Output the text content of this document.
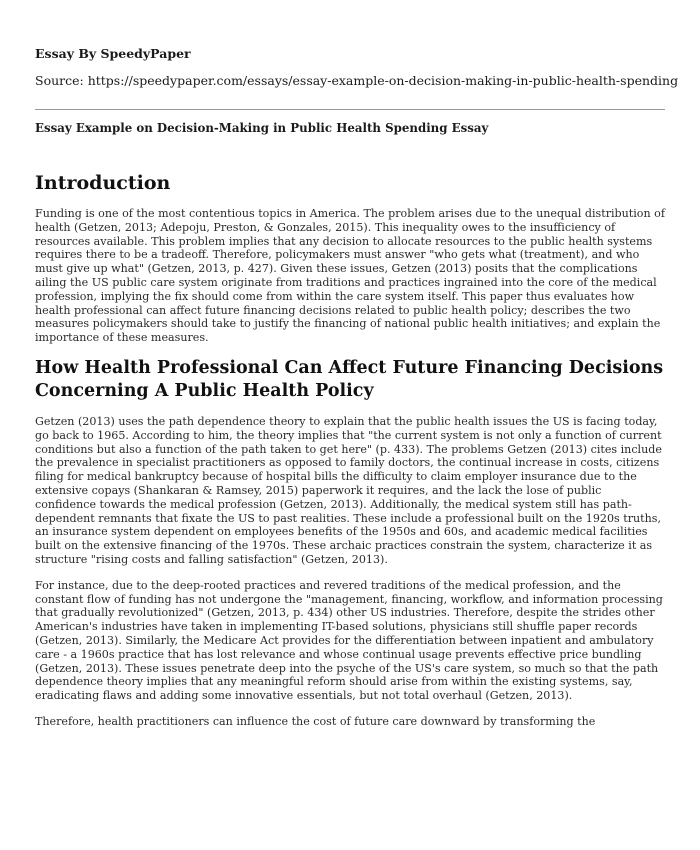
Essay By SpeedyPaper
Source: https://speedypaper.com/essays/essay-example-on-decision-making-in-public-health-spending
Essay Example on Decision-Making in Public Health Spending Essay
Introduction

Funding is one of the most contentious topics in America. The problem arises due to the unequal distribution of health (Getzen, 2013; Adepoju, Preston, & Gonzales, 2015). This inequality owes to the insufficiency of resources available. This problem implies that any decision to allocate resources to the public health systems requires there to be a tradeoff. Therefore, policymakers must answer "who gets what (treatment), and who must give up what" (Getzen, 2013, p. 427). Given these issues, Getzen (2013) posits that the complications ailing the US public care system originate from traditions and practices ingrained into the core of the medical profession, implying the fix should come from within the care system itself. This paper thus evaluates how health professional can affect future financing decisions related to public health policy; describes the two measures policymakers should take to justify the financing of national public health initiatives; and explain the importance of these measures.

How Health Professional Can Affect Future Financing Decisions Concerning A Public Health Policy

Getzen (2013) uses the path dependence theory to explain that the public health issues the US is facing today, go back to 1965. According to him, the theory implies that "the current system is not only a function of current conditions but also a function of the path taken to get here" (p. 433). The problems Getzen (2013) cites include the prevalence in specialist practitioners as opposed to family doctors, the continual increase in costs, citizens filing for medical bankruptcy because of hospital bills the difficulty to claim employer insurance due to the extensive copays (Shankaran & Ramsey, 2015) paperwork it requires, and the lack the lose of public confidence towards the medical profession (Getzen, 2013). Additionally, the medical system still has path-dependent remnants that fixate the US to past realities. These include a professional built on the 1920s truths, an insurance system dependent on employees benefits of the 1950s and 60s, and academic medical facilities built on the extensive financing of the 1970s. These archaic practices constrain the system, characterize it as structure "rising costs and falling satisfaction" (Getzen, 2013).

For instance, due to the deep-rooted practices and revered traditions of the medical profession, and the constant flow of funding has not undergone the "management, financing, workflow, and information processing that gradually revolutionized" (Getzen, 2013, p. 434) other US industries. Therefore, despite the strides other American's industries have taken in implementing IT-based solutions, physicians still shuffle paper records (Getzen, 2013). Similarly, the Medicare Act provides for the differentiation between inpatient and ambulatory care - a 1960s practice that has lost relevance and whose continual usage prevents effective price bundling (Getzen, 2013). These issues penetrate deep into the psyche of the US's care system, so much so that the path dependence theory implies that any meaningful reform should arise from within the existing systems, say, eradicating flaws and adding some innovative essentials, but not total overhaul (Getzen, 2013).

Therefore, health practitioners can influence the cost of future care downward by transforming the
